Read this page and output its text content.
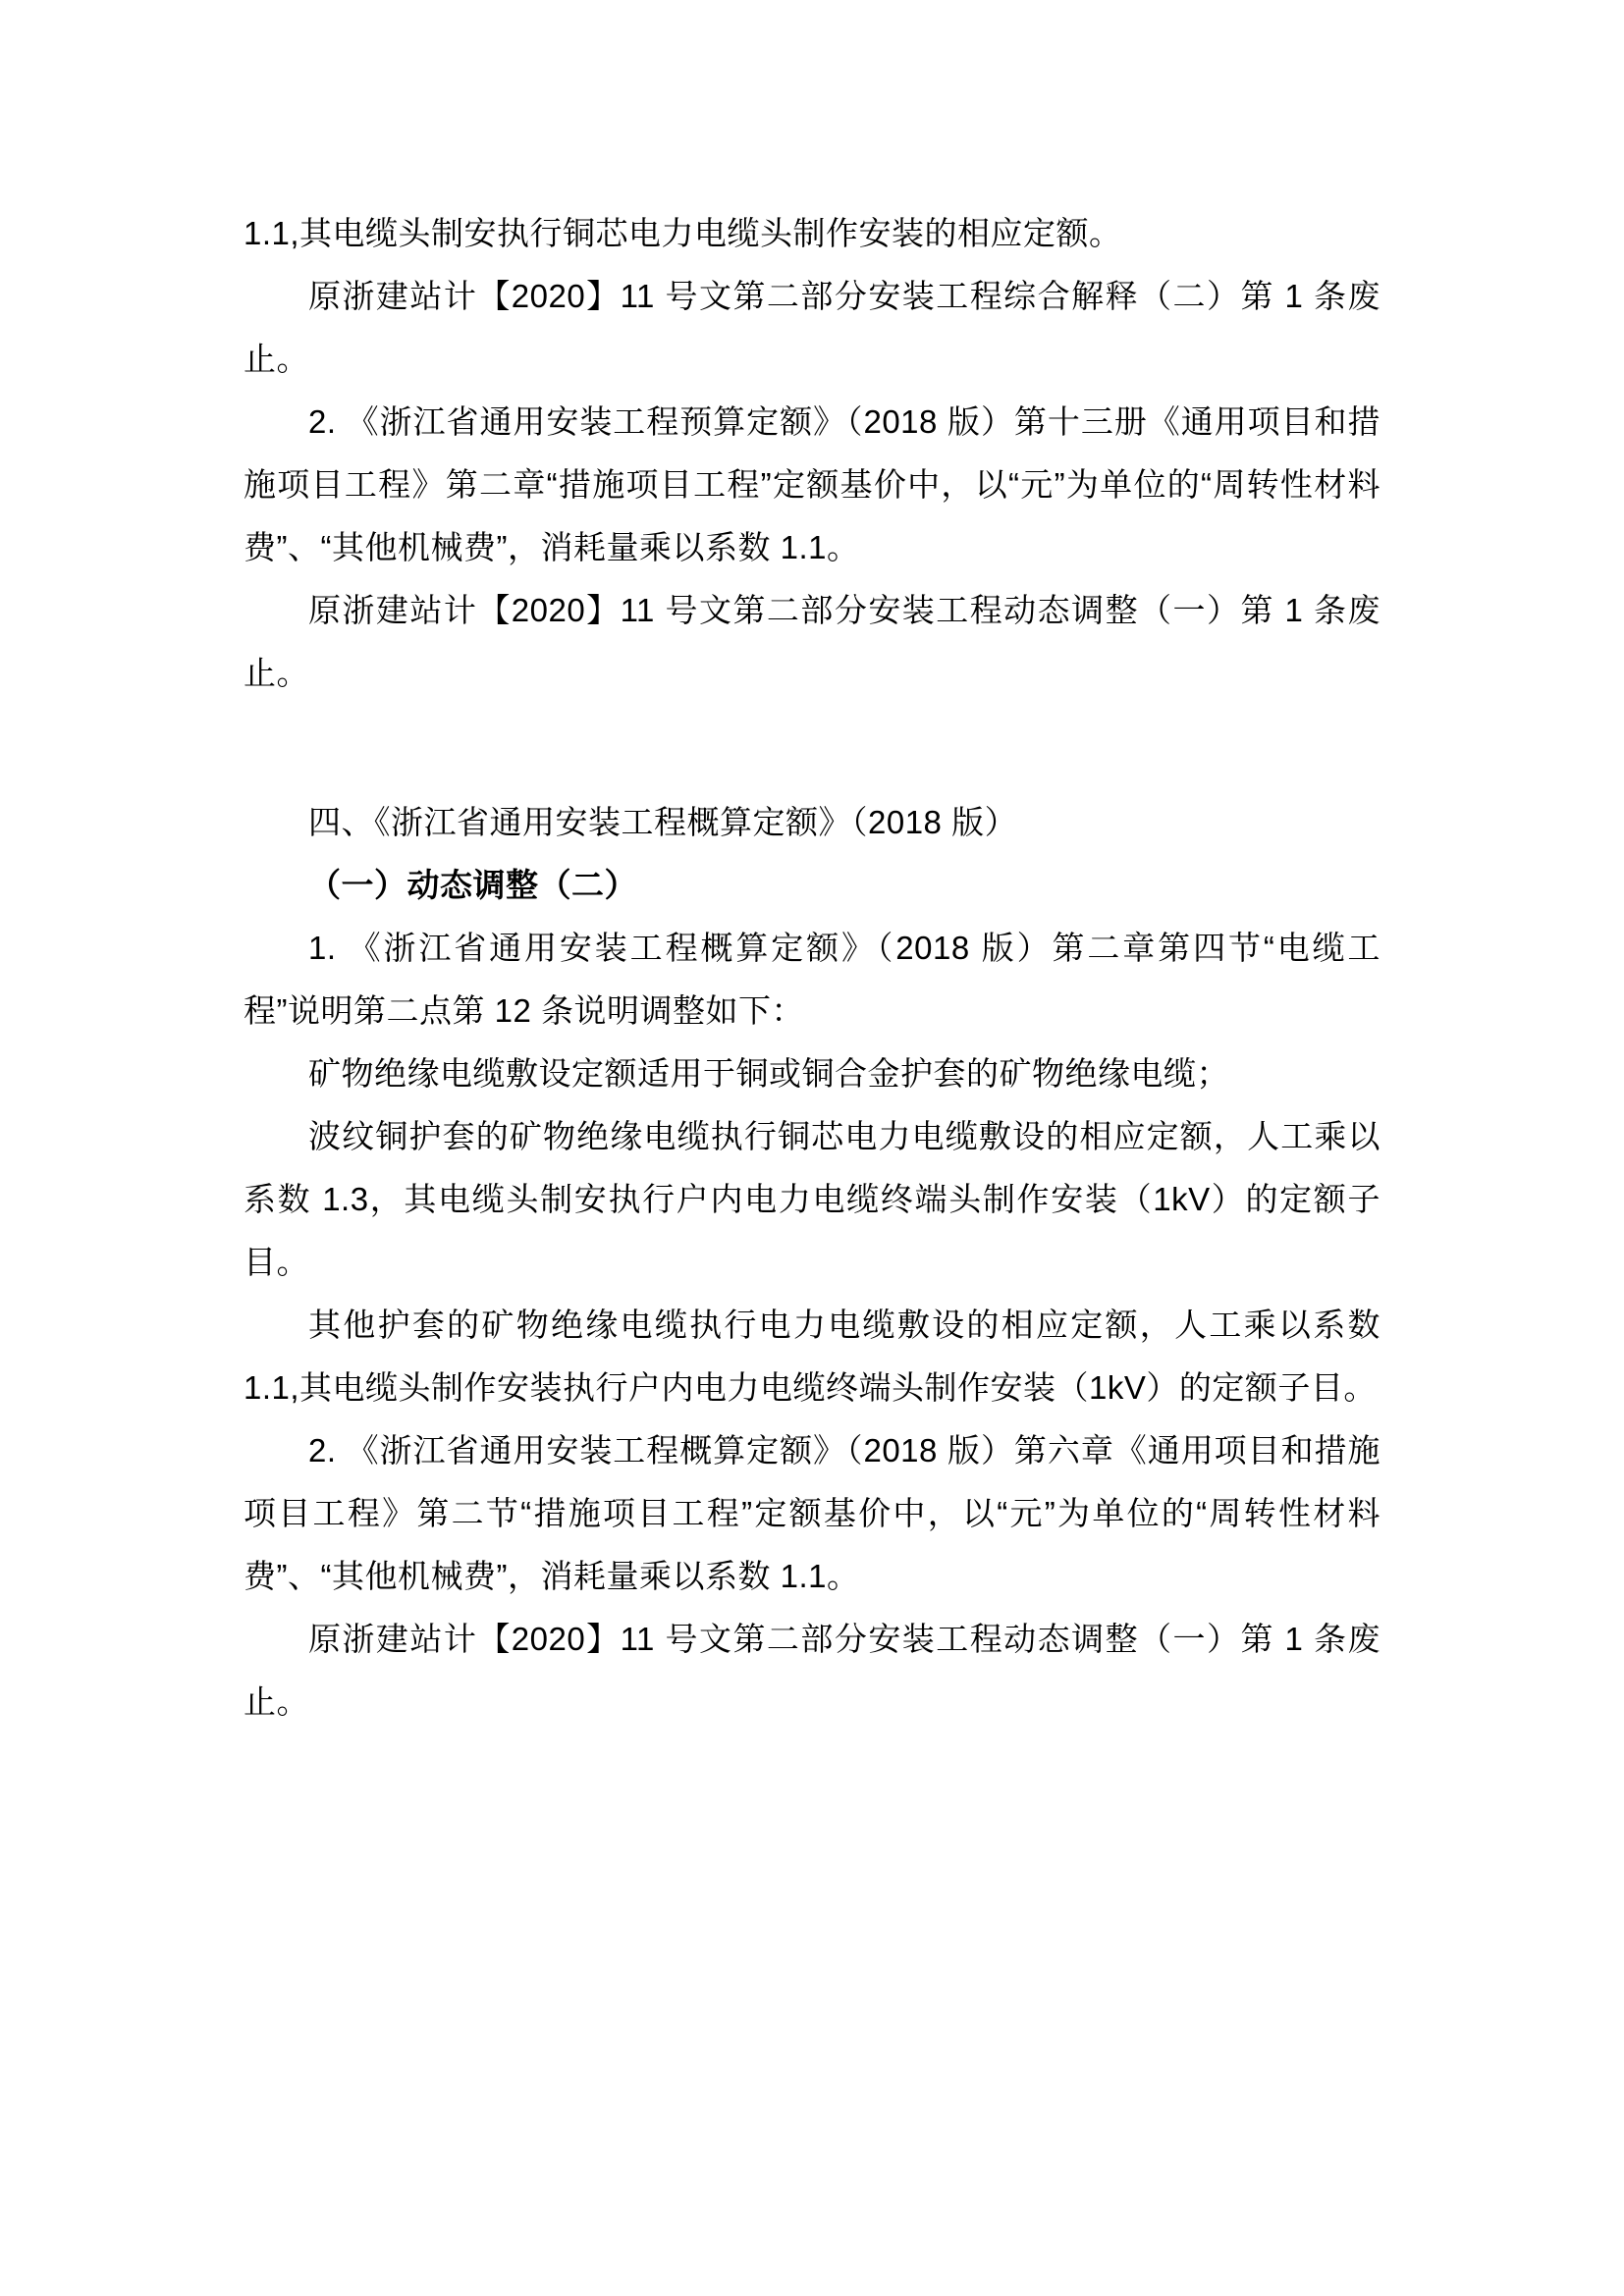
1.1,其电缆头制安执行铜芯电力电缆头制作安装的相应定额。

原浙建站计【2020】11 号文第二部分安装工程综合解释（二）第 1 条废止。

2. 《浙江省通用安装工程预算定额》（2018 版）第十三册《通用项目和措施项目工程》第二章“措施项目工程”定额基价中，以“元”为单位的“周转性材料费”、“其他机械费”，消耗量乘以系数 1.1。

原浙建站计【2020】11 号文第二部分安装工程动态调整（一）第 1 条废止。

四、《浙江省通用安装工程概算定额》（2018 版）

（一）动态调整（二）

1. 《浙江省通用安装工程概算定额》（2018 版）第二章第四节“电缆工程”说明第二点第 12 条说明调整如下：

矿物绝缘电缆敷设定额适用于铜或铜合金护套的矿物绝缘电缆；

波纹铜护套的矿物绝缘电缆执行铜芯电力电缆敷设的相应定额，人工乘以系数 1.3，其电缆头制安执行户内电力电缆终端头制作安装（1kV）的定额子目。

其他护套的矿物绝缘电缆执行电力电缆敷设的相应定额，人工乘以系数 1.1,其电缆头制作安装执行户内电力电缆终端头制作安装（1kV）的定额子目。

2. 《浙江省通用安装工程概算定额》（2018 版）第六章《通用项目和措施项目工程》第二节“措施项目工程”定额基价中，以“元”为单位的“周转性材料费”、“其他机械费”，消耗量乘以系数 1.1。

原浙建站计【2020】11 号文第二部分安装工程动态调整（一）第 1 条废止。
